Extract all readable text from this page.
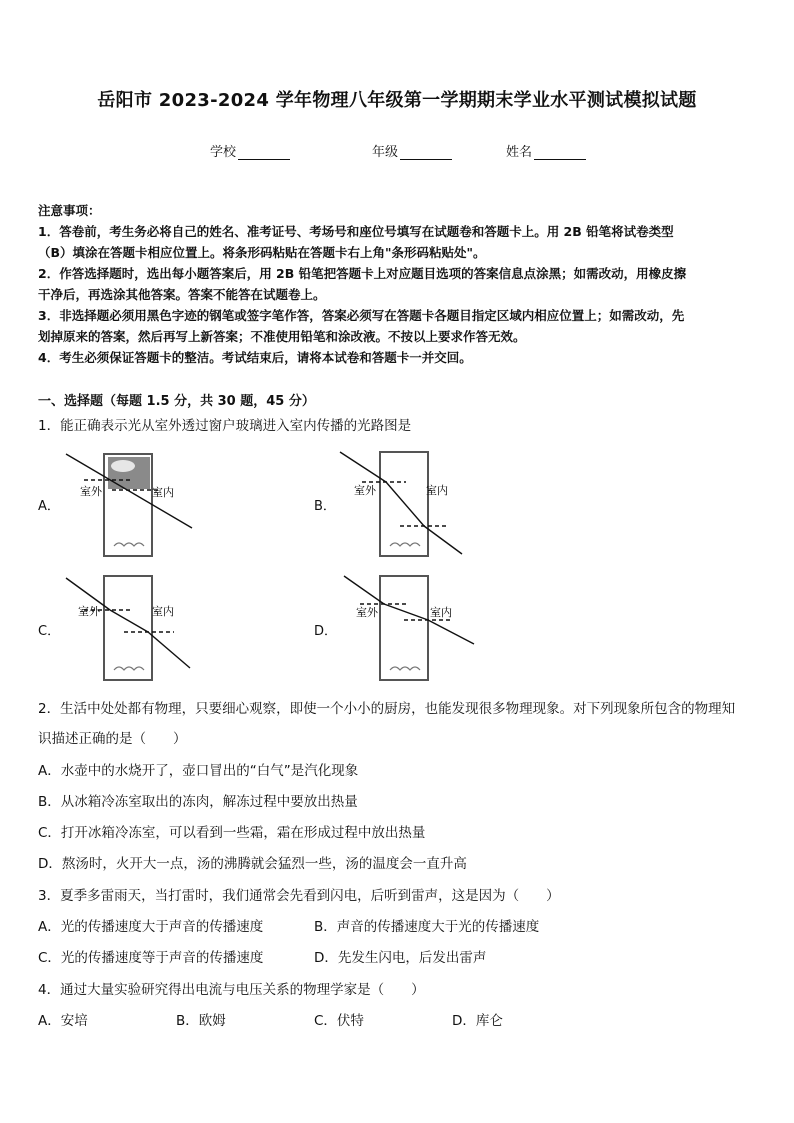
岳阳市 2023-2024 学年物理八年级第一学期期末学业水平测试模拟试题
学校	年级	姓名
注意事项：
1．答卷前，考生务必将自己的姓名、准考证号、考场号和座位号填写在试题卷和答题卡上。用 2B 铅笔将试卷类型
（B）填涂在答题卡相应位置上。将条形码粘贴在答题卡右上角"条形码粘贴处"。
2．作答选择题时，选出每小题答案后，用 2B 铅笔把答题卡上对应题目选项的答案信息点涂黑；如需改动，用橡皮擦
干净后，再选涂其他答案。答案不能答在试题卷上。
3．非选择题必须用黑色字迹的钢笔或签字笔作答，答案必须写在答题卡各题目指定区域内相应位置上；如需改动，先
划掉原来的答案，然后再写上新答案；不准使用铅笔和涂改液。不按以上要求作答无效。
4．考生必须保证答题卡的整洁。考试结束后，请将本试卷和答题卡一并交回。
一、选择题（每题 1.5 分，共 30 题，45 分）
1．能正确表示光从室外透过窗户玻璃进入室内传播的光路图是
A．
室外	室内
B．
室外	室内
C．
室外	室内
D．
室外	室内
2．生活中处处都有物理，只要细心观察，即使一个小小的厨房，也能发现很多物理现象。对下列现象所包含的物理知
识描述正确的是（　　）
A．水壶中的水烧开了，壶口冒出的“白气”是汽化现象
B．从冰箱冷冻室取出的冻肉，解冻过程中要放出热量
C．打开冰箱冷冻室，可以看到一些霜，霜在形成过程中放出热量
D．熬汤时，火开大一点，汤的沸腾就会猛烈一些，汤的温度会一直升高
3．夏季多雷雨天，当打雷时，我们通常会先看到闪电，后听到雷声，这是因为（　　）
A．光的传播速度大于声音的传播速度	B．声音的传播速度大于光的传播速度
C．光的传播速度等于声音的传播速度	D．先发生闪电，后发出雷声
4．通过大量实验研究得出电流与电压关系的物理学家是（　　）
A．安培	B．欧姆	C．伏特	D．库仑
